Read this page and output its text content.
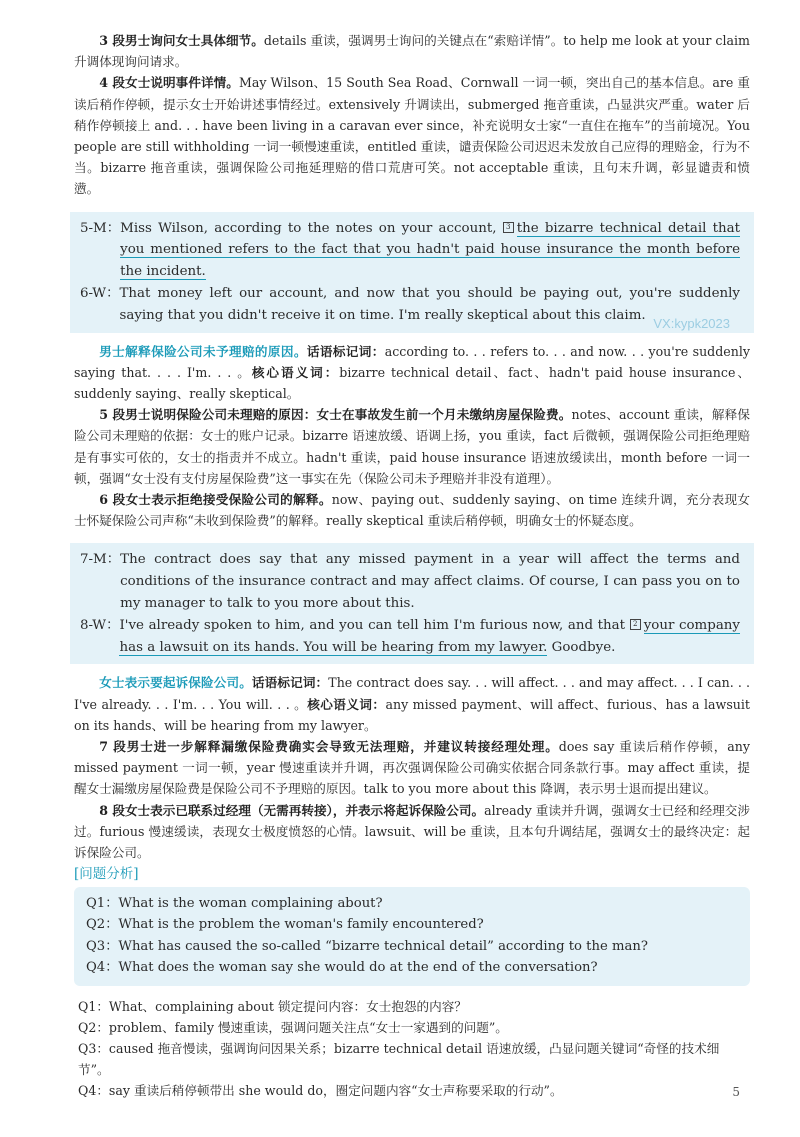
3 段男士询问女士具体细节。details 重读，强调男士询问的关键点在“索赔详情”。to help me look at your claim 升调体现询问请求。

4 段女士说明事件详情。May Wilson、15 South Sea Road、Cornwall 一词一顿，突出自己的基本信息。are 重读后稍作停顿，提示女士开始讲述事情经过。extensively 升调读出，submerged 拖音重读，凸显洪灾严重。water 后稍作停顿接上 and. . . have been living in a caravan ever since，补充说明女士家“一直住在拖车”的当前境况。You people are still withholding 一词一顿慢速重读，entitled 重读，谴责保险公司迟迟未发放自己应得的理赔金，行为不当。bizarre 拖音重读，强调保险公司拖延理赔的借口荒唐可笑。not acceptable 重读，且句末升调，彰显谴责和愤懑。

5-M： Miss Wilson, according to the notes on your account, 3 the bizarre technical detail that you mentioned refers to the fact that you hadn't paid house insurance the month before the incident.
6-W： That money left our account, and now that you should be paying out, you're suddenly saying that you didn't receive it on time. I'm really skeptical about this claim.
VX:kypk2023

男士解释保险公司未予理赔的原因。话语标记词：according to. . . refers to. . . and now. . . you're suddenly saying that. . . . I'm. . . 。核心语义词：bizarre technical detail、fact、hadn't paid house insurance、suddenly saying、really skeptical。

5 段男士说明保险公司未理赔的原因：女士在事故发生前一个月未缴纳房屋保险费。notes、account 重读，解释保险公司未理赔的依据：女士的账户记录。bizarre 语速放缓、语调上扬，you 重读，fact 后微顿，强调保险公司拒绝理赔是有事实可依的，女士的指责并不成立。hadn't 重读，paid house insurance 语速放缓读出，month before 一词一顿，强调“女士没有支付房屋保险费”这一事实在先（保险公司未予理赔并非没有道理）。

6 段女士表示拒绝接受保险公司的解释。now、paying out、suddenly saying、on time 连续升调，充分表现女士怀疑保险公司声称“未收到保险费”的解释。really skeptical 重读后稍停顿，明确女士的怀疑态度。

7-M： The contract does say that any missed payment in a year will affect the terms and conditions of the insurance contract and may affect claims. Of course, I can pass you on to my manager to talk to you more about this.
8-W： I've already spoken to him, and you can tell him I'm furious now, and that 2 your company has a lawsuit on its hands. You will be hearing from my lawyer. Goodbye.

女士表示要起诉保险公司。话语标记词：The contract does say. . . will affect. . . and may affect. . . I can. . . I've already. . . I'm. . . You will. . . 。核心语义词：any missed payment、will affect、furious、has a lawsuit on its hands、will be hearing from my lawyer。

7 段男士进一步解释漏缴保险费确实会导致无法理赔，并建议转接经理处理。does say 重读后稍作停顿，any missed payment 一词一顿，year 慢速重读并升调，再次强调保险公司确实依据合同条款行事。may affect 重读，提醒女士漏缴房屋保险费是保险公司不予理赔的原因。talk to you more about this 降调，表示男士退而提出建议。

8 段女士表示已联系过经理（无需再转接），并表示将起诉保险公司。already 重读并升调，强调女士已经和经理交涉过。furious 慢速缓读，表现女士极度愤怒的心情。lawsuit、will be 重读，且本句升调结尾，强调女士的最终决定：起诉保险公司。

[问题分析]
Q1：What is the woman complaining about?
Q2：What is the problem the woman's family encountered?
Q3：What has caused the so-called “bizarre technical detail” according to the man?
Q4：What does the woman say she would do at the end of the conversation?
Q1：What、complaining about 锁定提问内容：女士抱怨的内容？
Q2：problem、family 慢速重读，强调问题关注点“女士一家遇到的问题”。
Q3：caused 拖音慢读，强调询问因果关系；bizarre technical detail 语速放缓，凸显问题关键词“奇怪的技术细节”。
Q4：say 重读后稍停顿带出 she would do，圈定问题内容“女士声称要采取的行动”。	5
